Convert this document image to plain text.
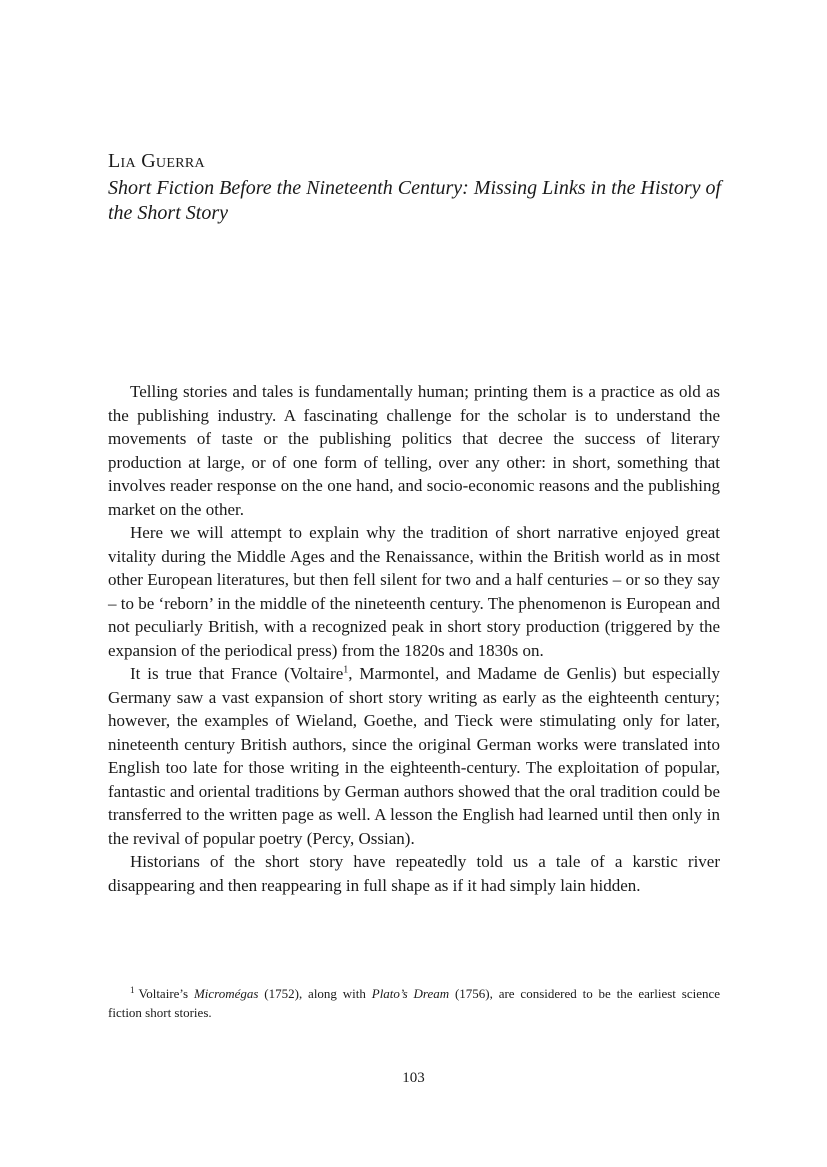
Lia Guerra
Short Fiction Before the Nineteenth Century: Missing Links in the History of the Short Story

Telling stories and tales is fundamentally human; printing them is a practice as old as the publishing industry. A fascinating challenge for the scholar is to understand the movements of taste or the publishing politics that decree the success of literary production at large, or of one form of telling, over any other: in short, something that involves reader response on the one hand, and socio-economic reasons and the publishing market on the other.

Here we will attempt to explain why the tradition of short narrative enjoyed great vitality during the Middle Ages and the Renaissance, within the British world as in most other European literatures, but then fell silent for two and a half centuries – or so they say – to be ‘reborn’ in the middle of the nineteenth century. The phenomenon is European and not peculiarly British, with a recognized peak in short story production (triggered by the expansion of the periodical press) from the 1820s and 1830s on.

It is true that France (Voltaire$^1$, Marmontel, and Madame de Genlis) but especially Germany saw a vast expansion of short story writing as early as the eighteenth century; however, the examples of Wieland, Goethe, and Tieck were stimulating only for later, nineteenth century British authors, since the original German works were translated into English too late for those writing in the eighteenth-century. The exploitation of popular, fantastic and oriental traditions by German authors showed that the oral tradition could be transferred to the written page as well. A lesson the English had learned until then only in the revival of popular poetry (Percy, Ossian).

Historians of the short story have repeatedly told us a tale of a karstic river disappearing and then reappearing in full shape as if it had simply lain hidden.

$^1$ Voltaire’s Micromégas (1752), along with Plato’s Dream (1756), are considered to be the earliest science fiction short stories.
103
